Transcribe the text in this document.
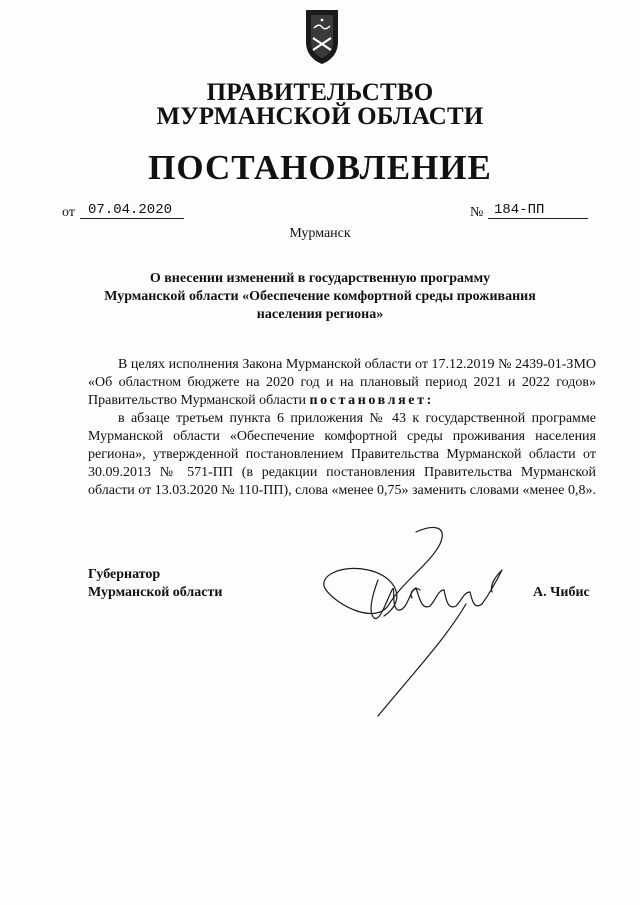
ПРАВИТЕЛЬСТВО
МУРМАНСКОЙ ОБЛАСТИ
ПОСТАНОВЛЕНИЕ
от 07.04.2020	№ 184-ПП
Мурманск
О внесении изменений в государственную программу
Мурманской области «Обеспечение комфортной среды проживания
населения региона»
В целях исполнения Закона Мурманской области от 17.12.2019 № 2439-01-ЗМО «Об областном бюджете на 2020 год и на плановый период 2021 и 2022 годов» Правительство Мурманской области постановляет:
в абзаце третьем пункта 6 приложения № 43 к государственной программе Мурманской области «Обеспечение комфортной среды проживания населения региона», утвержденной постановлением Правительства Мурманской области от 30.09.2013 № 571-ПП (в редакции постановления Правительства Мурманской области от 13.03.2020 № 110-ПП), слова «менее 0,75» заменить словами «менее 0,8».
Губернатор
Мурманской области	А. Чибис
